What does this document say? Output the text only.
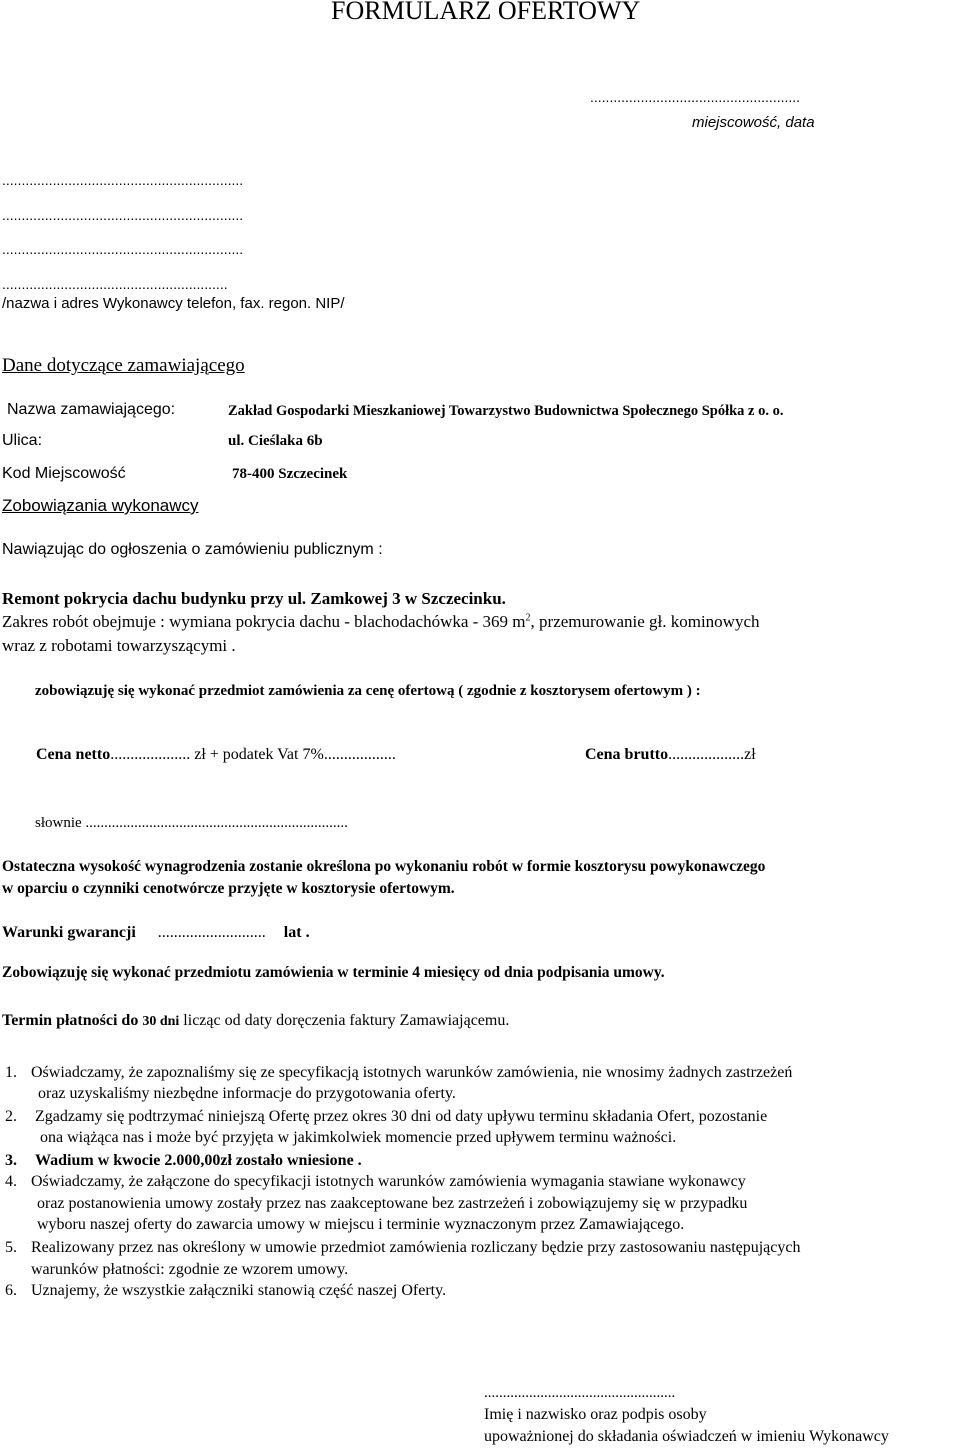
FORMULARZ OFERTOWY
......................................................
miejscowość, data
..............................................................
..............................................................
..............................................................
..........................................................
/nazwa i adres Wykonawcy telefon, fax. regon. NIP/
Dane dotyczące zamawiającego
Nazwa zamawiającego:	Zakład Gospodarki Mieszkaniowej Towarzystwo Budownictwa Społecznego Spółka z o. o.
Ulica:	ul. Cieślaka 6b
Kod Miejscowość	78-400 Szczecinek
Zobowiązania wykonawcy
Nawiązując do ogłoszenia o zamówieniu publicznym :
Remont pokrycia dachu budynku przy ul. Zamkowej 3 w Szczecinku.
Zakres robót obejmuje : wymiana pokrycia dachu - blachodachówka - 369 $m^2$, przemurowanie gł. kominowych
wraz z robotami towarzyszącymi .
zobowiązuję się wykonać przedmiot zamówienia za cenę ofertową ( zgodnie z kosztorysem ofertowym ) :
Cena netto.................... zł + podatek Vat 7%..................	Cena brutto...................zł
słownie ......................................................................
Ostateczna wysokość wynagrodzenia zostanie określona po wykonaniu robót w formie kosztorysu powykonawczego
w oparciu o czynniki cenotwórcze przyjęte w kosztorysie ofertowym.
Warunki gwarancji ........................... lat .
Zobowiązuję się wykonać przedmiotu zamówienia w terminie 4 miesięcy od dnia podpisania umowy.
Termin płatności do 30 dni licząc od daty doręczenia faktury Zamawiającemu.
1. Oświadczamy, że zapoznaliśmy się ze specyfikacją istotnych warunków zamówienia, nie wnosimy żadnych zastrzeżeń
oraz uzyskaliśmy niezbędne informacje do przygotowania oferty.
2. Zgadzamy się podtrzymać niniejszą Ofertę przez okres 30 dni od daty upływu terminu składania Ofert, pozostanie
ona wiążąca nas i może być przyjęta w jakimkolwiek momencie przed upływem terminu ważności.
3. Wadium w kwocie 2.000,00zł zostało wniesione .
4. Oświadczamy, że załączone do specyfikacji istotnych warunków zamówienia wymagania stawiane wykonawcy
oraz postanowienia umowy zostały przez nas zaakceptowane bez zastrzeżeń i zobowiązujemy się w przypadku
wyboru naszej oferty do zawarcia umowy w miejscu i terminie wyznaczonym przez Zamawiającego.
5. Realizowany przez nas określony w umowie przedmiot zamówienia rozliczany będzie przy zastosowaniu następujących
warunków płatności: zgodnie ze wzorem umowy.
6. Uznajemy, że wszystkie załączniki stanowią część naszej Oferty.
...................................................
Imię i nazwisko oraz podpis osoby
upoważnionej do składania oświadczeń w imieniu Wykonawcy
